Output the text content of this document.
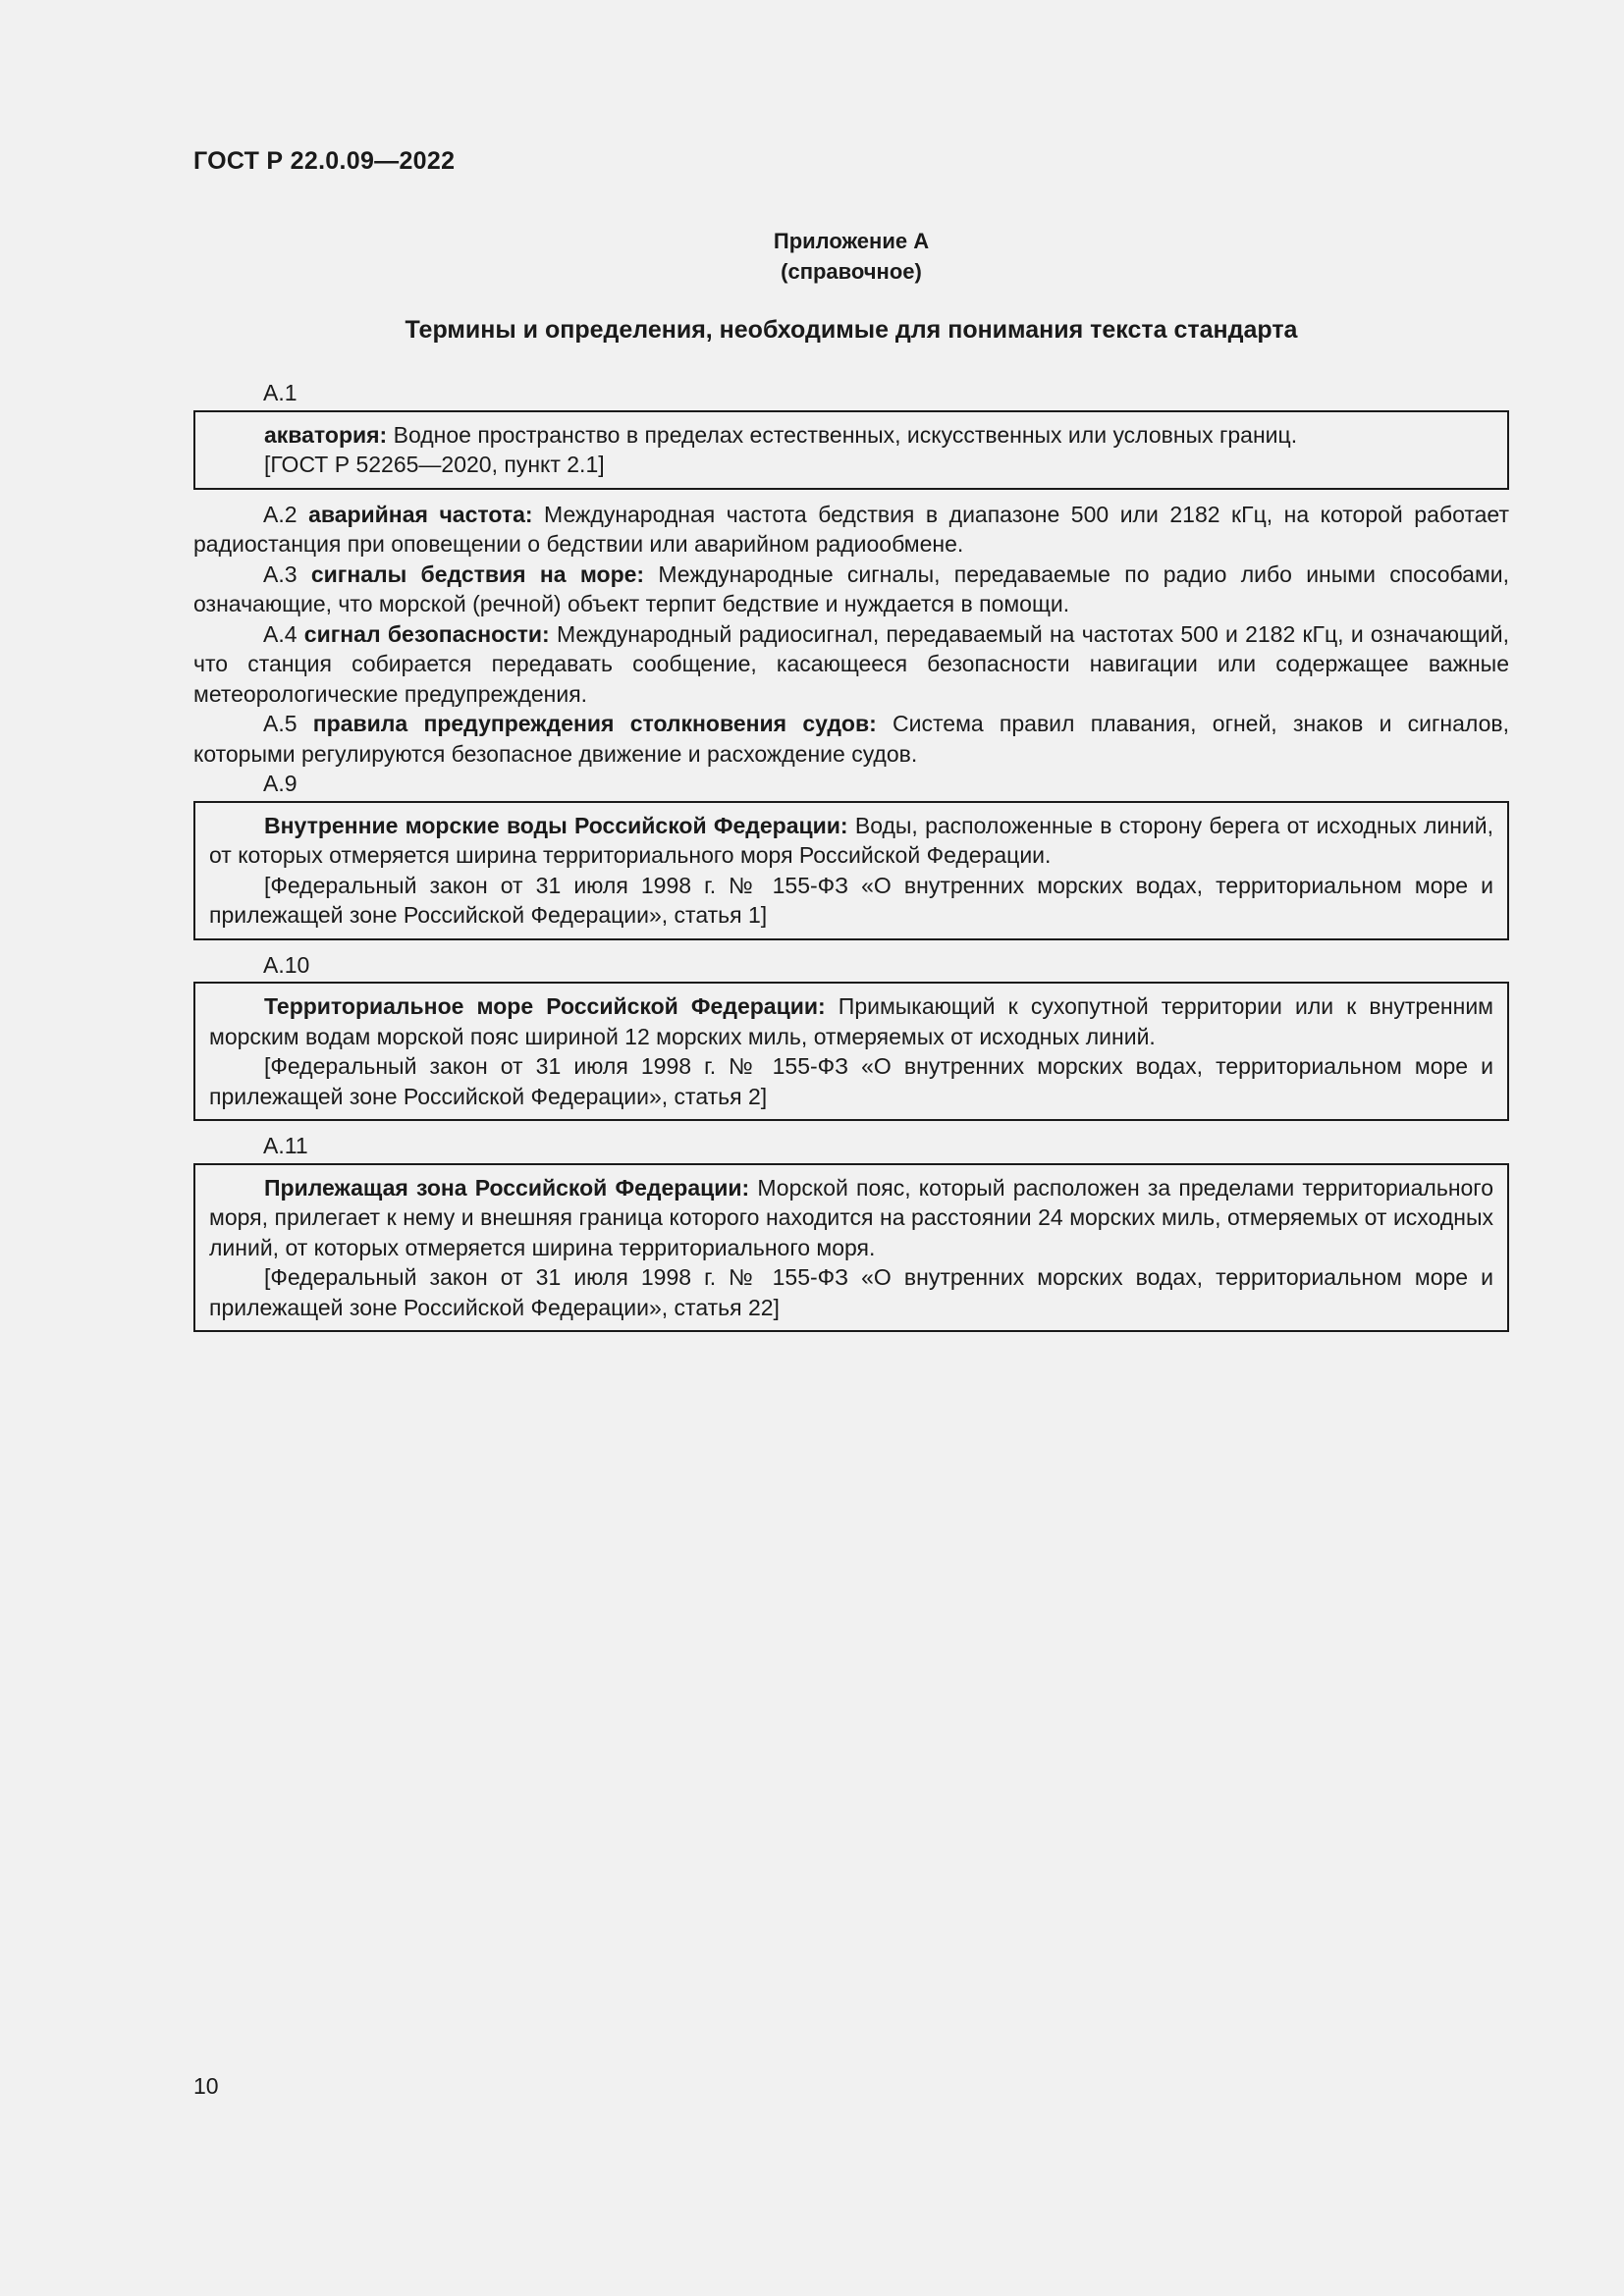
ГОСТ Р 22.0.09—2022
Приложение А
(справочное)
Термины и определения, необходимые для понимания текста стандарта
А.1

акватория: Водное пространство в пределах естественных, искусственных или условных границ.

[ГОСТ Р 52265—2020, пункт 2.1]

А.2 аварийная частота: Международная частота бедствия в диапазоне 500 или 2182 кГц, на которой работает радиостанция при оповещении о бедствии или аварийном радиообмене.

А.3 сигналы бедствия на море: Международные сигналы, передаваемые по радио либо иными способами, означающие, что морской (речной) объект терпит бедствие и нуждается в помощи.

А.4 сигнал безопасности: Международный радиосигнал, передаваемый на частотах 500 и 2182 кГц, и означающий, что станция собирается передавать сообщение, касающееся безопасности навигации или содержащее важные метеорологические предупреждения.

А.5 правила предупреждения столкновения судов: Система правил плавания, огней, знаков и сигналов, которыми регулируются безопасное движение и расхождение судов.

А.9

Внутренние морские воды Российской Федерации: Воды, расположенные в сторону берега от исходных линий, от которых отмеряется ширина территориального моря Российской Федерации.

[Федеральный закон от 31 июля 1998 г. № 155-ФЗ «О внутренних морских водах, территориальном море и прилежащей зоне Российской Федерации», статья 1]

А.10

Территориальное море Российской Федерации: Примыкающий к сухопутной территории или к внутренним морским водам морской пояс шириной 12 морских миль, отмеряемых от исходных линий.

[Федеральный закон от 31 июля 1998 г. № 155-ФЗ «О внутренних морских водах, территориальном море и прилежащей зоне Российской Федерации», статья 2]

А.11

Прилежащая зона Российской Федерации: Морской пояс, который расположен за пределами территориального моря, прилегает к нему и внешняя граница которого находится на расстоянии 24 морских миль, отмеряемых от исходных линий, от которых отмеряется ширина территориального моря.

[Федеральный закон от 31 июля 1998 г. № 155-ФЗ «О внутренних морских водах, территориальном море и прилежащей зоне Российской Федерации», статья 22]

10
